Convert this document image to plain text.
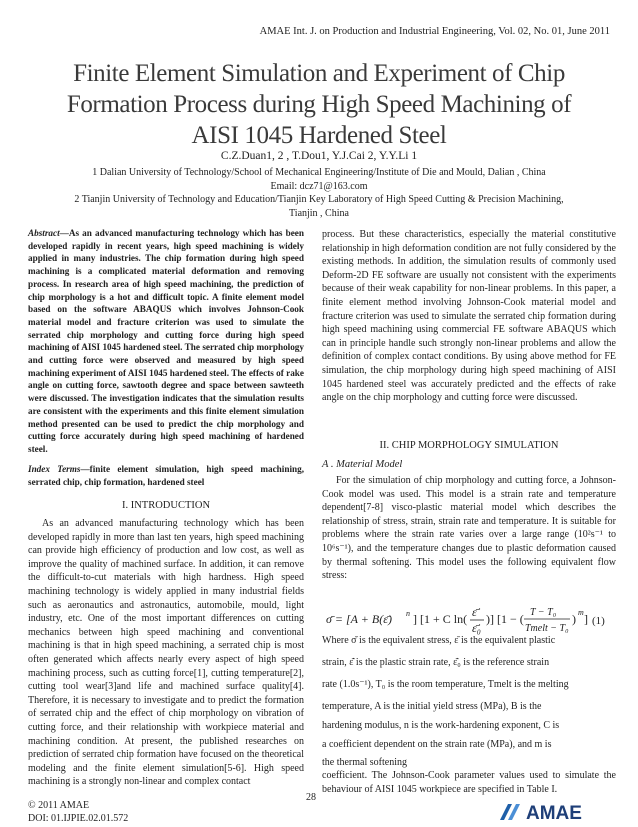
AMAE Int. J. on Production and Industrial Engineering, Vol. 02, No. 01, June 2011
Finite Element Simulation and Experiment of Chip
Formation Process during High Speed Machining of
AISI 1045 Hardened Steel
C.Z.Duan1, 2 , T.Dou1, Y.J.Cai 2, Y.Y.Li 1
1 Dalian University of Technology/School of Mechanical Engineering/Institute of Die and Mould, Dalian , China
Email: dcz71@163.com
2 Tianjin University of Technology and Education/Tianjin Key Laboratory of High Speed Cutting & Precision Machining,
Tianjin , China
Abstract—As an advanced manufacturing technology which has been developed rapidly in recent years, high speed machining is widely applied in many industries. The chip formation during high speed machining is a complicated material deformation and removing process. In research area of high speed machining, the prediction of chip morphology is a hot and difficult topic. A finite element model based on the software ABAQUS which involves Johnson-Cook material model and fracture criterion was used to simulate the serrated chip morphology and cutting force during high speed machining of AISI 1045 hardened steel. The serrated chip morphology and cutting force were observed and measured by high speed machining experiment of AISI 1045 hardened steel. The effects of rake angle on cutting force, sawtooth degree and space between sawteeth were discussed. The investigation indicates that the simulation results are consistent with the experiments and this finite element simulation method presented can be used to predict the chip morphology and cutting force accurately during high speed machining of hardened steel.
Index Terms—finite element simulation, high speed machining, serrated chip, chip formation, hardened steel
I. INTRODUCTION

As an advanced manufacturing technology which has been developed rapidly in more than last ten years, high speed machining can provide high efficiency of production and low cost, as well as improve the quality of machined surface. In addition, it can remove the difficult-to-cut materials with high hardness. High speed machining technology is widely applied in many industrial fields such as aeronautics and astronautics, automobile, mould, light industry, etc. One of the most important differences on cutting mechanics between high speed machining and conventional machining is that in high speed machining, a serrated chip is most often generated which affects nearly every aspect of high speed machining process, such as cutting force[1], cutting temperature[2], cutting tool wear[3]and life and machined surface quality[4]. Therefore, it is necessary to investigate and to predict the formation of serrated chip and the effect of chip morphology on vibration of cutting force, and their relationship with workpiece material and machining condition. At present, the published researches on prediction of serrated chip formation have focused on the theoretical modeling and the finite element simulation[5-6]. High speed machining is a strongly non-linear and complex contact

process. But these characteristics, especially the material constitutive relationship in high deformation condition are not fully considered by the existing methods. In addition, the simulation results of commonly used Deform-2D FE software are usually not consistent with the experiments because of their weak capability for non-linear problems. In this paper, a finite element method involving Johnson-Cook material model and fracture criterion was used to simulate the serrated chip formation during high speed machining using commercial FE software ABAQUS which can in principle handle such strongly non-linear problems and allow the definition of complex contact conditions. By using above method for FE simulation, the chip morphology during high speed machining of AISI 1045 hardened steel was accurately predicted and the effects of rake angle on the chip morphology and cutting force were discussed.
II. CHIP MORPHOLOGY SIMULATION
A . Material Model

For the simulation of chip morphology and cutting force, a Johnson-Cook model was used. This model is a strain rate and temperature dependent[7-8] visco-plastic material model which describes the relationship of stress, strain, strain rate and temperature. It is suitable for problems where the strain rate varies over a large range (10²s⁻¹ to 10⁶s⁻¹), and the temperature changes due to plastic deformation caused by thermal softening. This model uses the following equivalent flow stress:

σ̄ = [A + B(ε̄) n ] [1 + C ln( ε̄̇
ε̄̇₀
)] [1 − ( T − T₀
Tmelt − T₀
) m ] (1)
Where σ̄ is the equivalent stress, ε̄ is the equivalent plastic
strain, ε̄̇ is the plastic strain rate, ε̄̇₀ is the reference strain
rate (1.0s⁻¹), T₀ is the room temperature, Tmelt is the melting
temperature, A is the initial yield stress (MPa), B is the
hardening modulus, n is the work-hardening exponent, C is
a coefficient dependent on the strain rate (MPa), and m is
the thermal softening
coefficient. The Johnson-Cook parameter values used to simulate the behaviour of AISI 1045 workpiece are specified in Table I.
28
© 2011 AMAE
DOI: 01.IJPIE.02.01.572	AMAE
